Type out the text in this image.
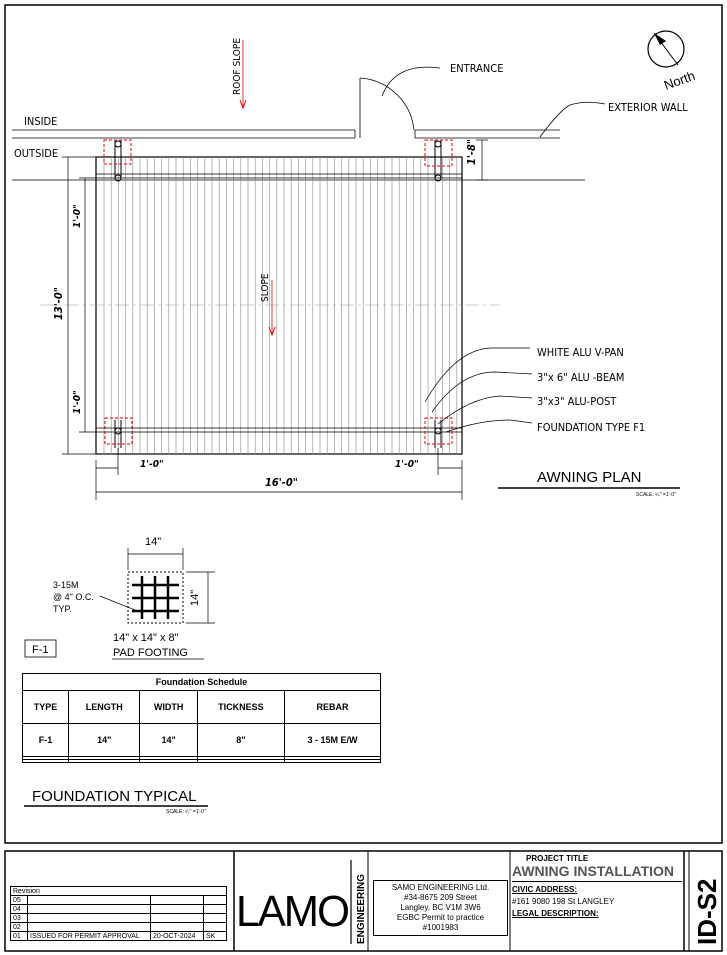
ROOF SLOPE	ENTRANCE	North
EXTERIOR WALL
INSIDE
OUTSIDE	1'-8"
1'-0"
13'-0"
1'-0"
SLOPE
WHITE ALU V-PAN
3"x 6" ALU -BEAM
3"x3" ALU-POST
FOUNDATION TYPE F1
1'-0"	1'-0"
16'-0"	AWNING PLAN
SCALE: ¹⁄₄" =1'-0"
14"
14"
3-15M
@ 4" O.C.
TYP.
14" x 14" x 8"
PAD FOOTING
F-1
FOUNDATION TYPICAL
SCALE: ¹⁄₂" =1'-0"
LAMO ENGINEERING	ID-S2
Foundation Schedule				
TYPE	LENGTH	WIDTH	TICKNESS	REBAR
F-1	14"	14"	8"	3 - 15M E/W

Revision			
05			
04			
03			
02			
01	ISSUED FOR PERMIT APPROVAL	20-OCT-2024	SK
SAMO ENGINEERING Ltd.
#34-8675 209 Street
Langley, BC V1M 3W6
EGBC Permit to practice
#1001983
PROJECT TITLE
AWNING INSTALLATION
CIVIC ADDRESS:
#161 9080 198 St LANGLEY
LEGAL DESCRIPTION:
